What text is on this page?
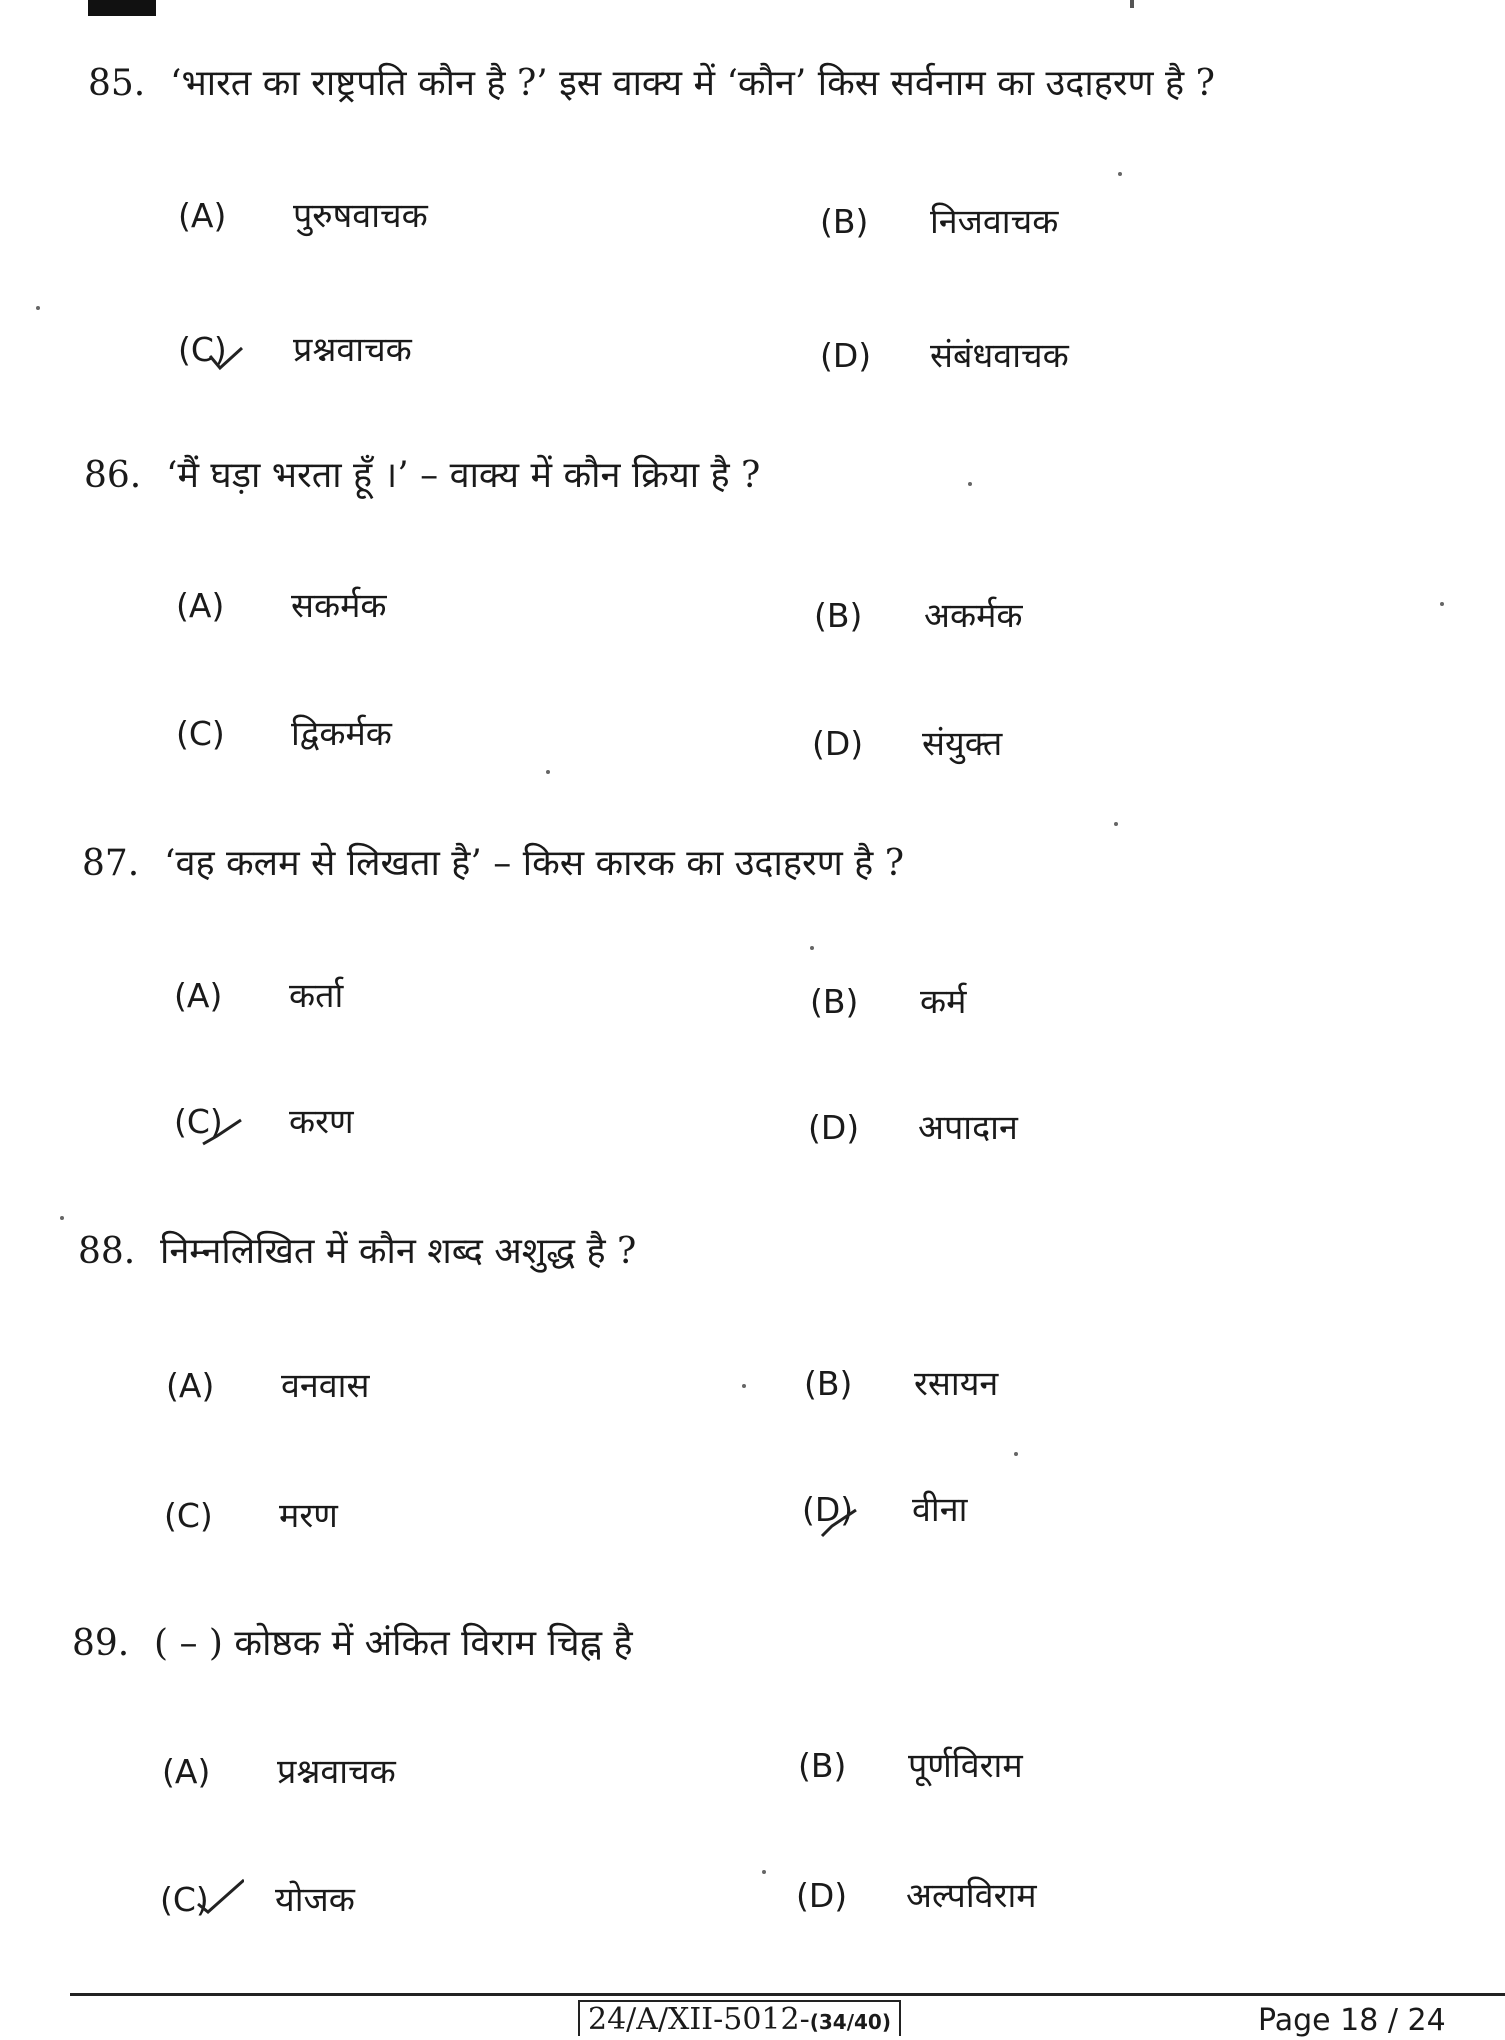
85. ‘भारत का राष्ट्रपति कौन है ?’ इस वाक्य में ‘कौन’ किस सर्वनाम का उदाहरण है ?
(A) पुरुषवाचक	(B) निजवाचक
(C) प्रश्नवाचक	(D) संबंधवाचक
86. ‘मैं घड़ा भरता हूँ ।’ – वाक्य में कौन क्रिया है ?
(A) सकर्मक	(B) अकर्मक
(C) द्विकर्मक	(D) संयुक्त
87. ‘वह कलम से लिखता है’ – किस कारक का उदाहरण है ?
(A) कर्ता	(B) कर्म
(C) करण	(D) अपादान
88. निम्नलिखित में कौन शब्द अशुद्ध है ?
(A) वनवास	(B) रसायन
(C) मरण	(D) वीना
89. ( – ) कोष्ठक में अंकित विराम चिह्न है
(A) प्रश्नवाचक	(B) पूर्णविराम
(C) योजक	(D) अल्पविराम
24/A/XII-5012-(34/40)	Page 18 / 24
